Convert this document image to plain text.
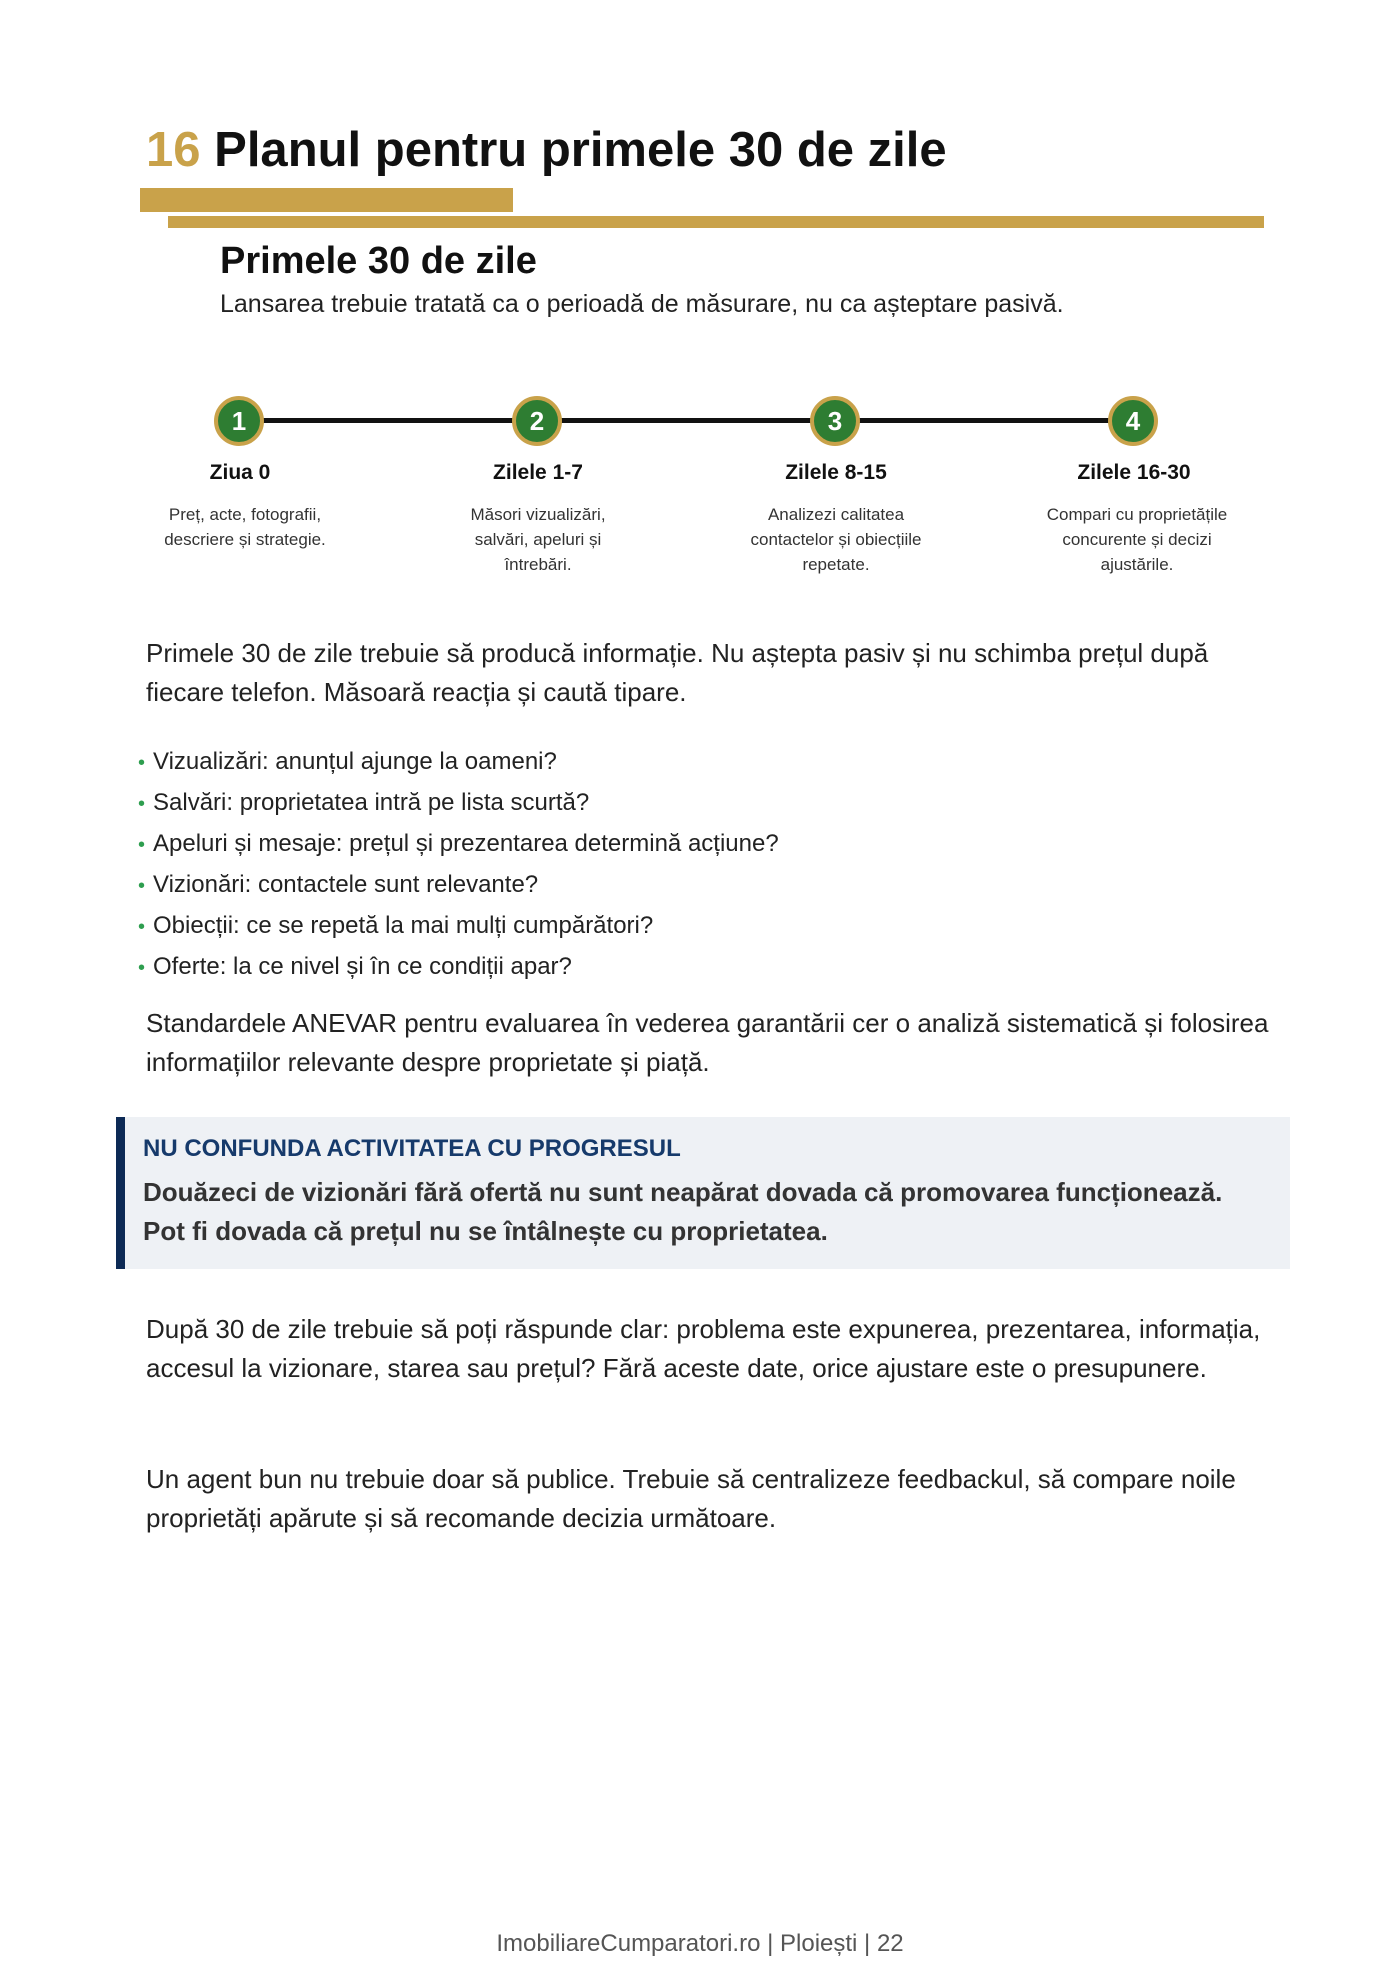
16 Planul pentru primele 30 de zile
Primele 30 de zile

Lansarea trebuie tratată ca o perioadă de măsurare, nu ca așteptare pasivă.

1	2	3	4
Ziua 0	Zilele 1-7	Zilele 8-15	Zilele 16-30
Preț, acte, fotografii,
descriere și strategie.
Măsori vizualizări,
salvări, apeluri și
întrebări.
Analizezi calitatea
contactelor și obiecțiile
repetate.
Compari cu proprietățile
concurente și decizi
ajustările.

Primele 30 de zile trebuie să producă informație. Nu aștepta pasiv și nu schimba prețul după fiecare telefon. Măsoară reacția și caută tipare.

• Vizualizări: anunțul ajunge la oameni?
• Salvări: proprietatea intră pe lista scurtă?
• Apeluri și mesaje: prețul și prezentarea determină acțiune?
• Vizionări: contactele sunt relevante?
• Obiecții: ce se repetă la mai mulți cumpărători?
• Oferte: la ce nivel și în ce condiții apar?

Standardele ANEVAR pentru evaluarea în vederea garantării cer o analiză sistematică și folosirea informațiilor relevante despre proprietate și piață.

NU CONFUNDA ACTIVITATEA CU PROGRESUL

Douăzeci de vizionări fără ofertă nu sunt neapărat dovada că promovarea funcționează. Pot fi dovada că prețul nu se întâlnește cu proprietatea.

După 30 de zile trebuie să poți răspunde clar: problema este expunerea, prezentarea, informația, accesul la vizionare, starea sau prețul? Fără aceste date, orice ajustare este o presupunere.

Un agent bun nu trebuie doar să publice. Trebuie să centralizeze feedbackul, să compare noile proprietăți apărute și să recomande decizia următoare.

ImobiliareCumparatori.ro | Ploiești | 22
